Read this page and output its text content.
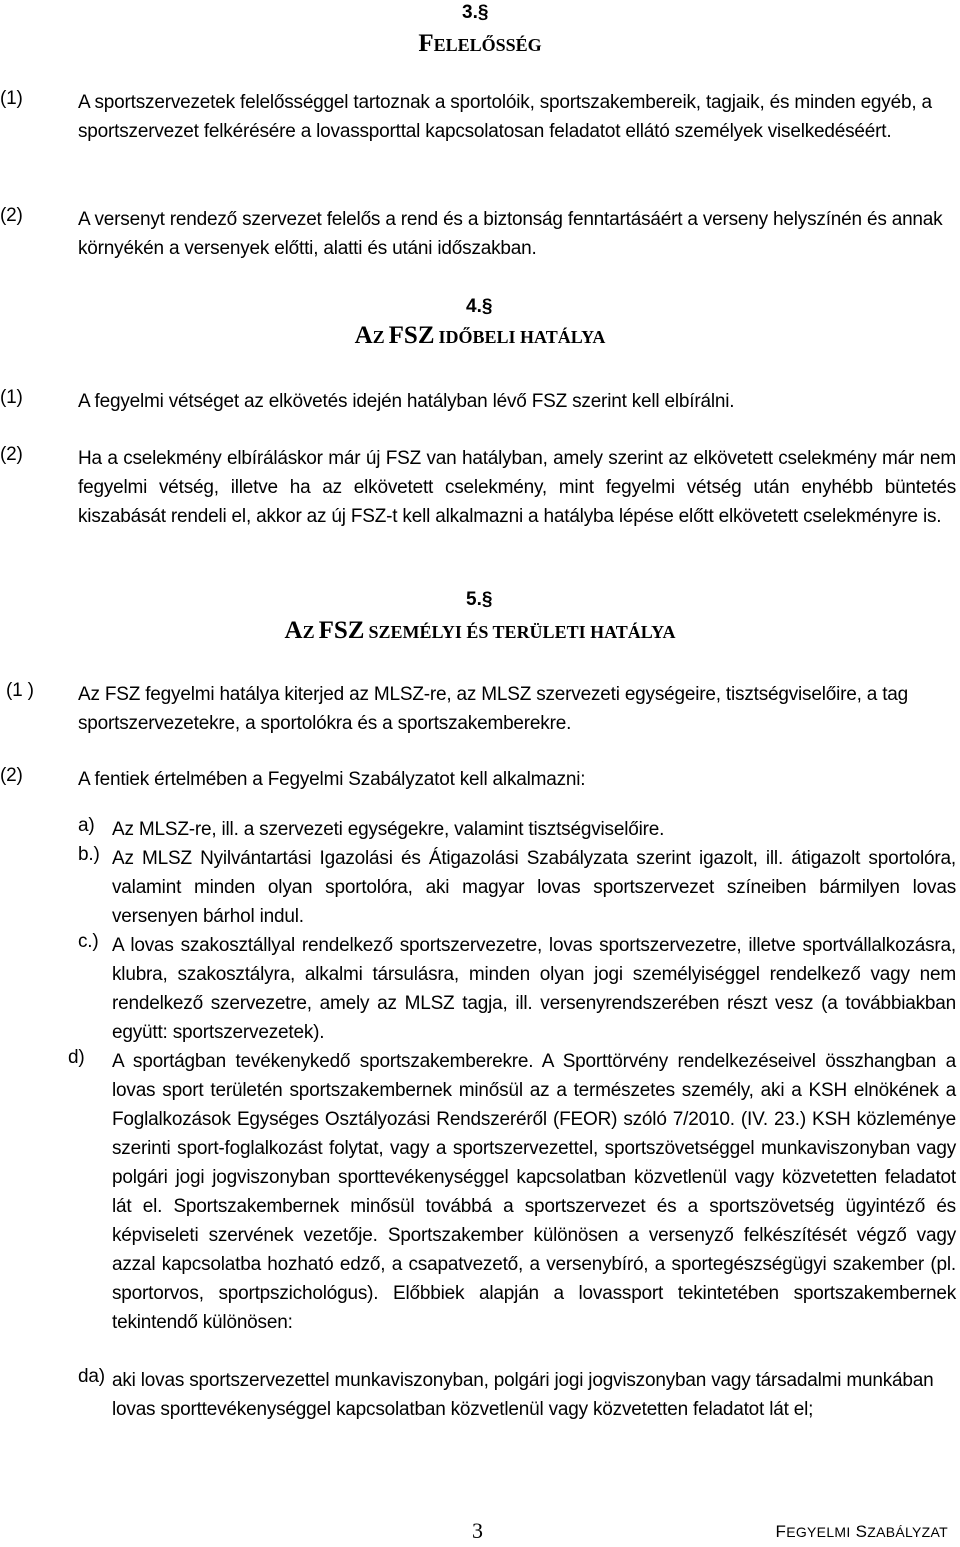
3.§
FELELŐSSÉG
(1)	A sportszervezetek felelősséggel tartoznak a sportolóik, sportszakembereik, tagjaik, és minden egyéb, a sportszervezet felkérésére a lovassporttal kapcsolatosan feladatot ellátó személyek viselkedéséért.
(2)	A versenyt rendező szervezet felelős a rend és a biztonság fenntartásáért a verseny helyszínén és annak környékén a versenyek előtti, alatti és utáni időszakban.
4.§
AZ FSZ IDŐBELI HATÁLYA
(1)	A fegyelmi vétséget az elkövetés idején hatályban lévő FSZ szerint kell elbírálni.
(2)	Ha a cselekmény elbíráláskor már új FSZ van hatályban, amely szerint az elkövetett cselekmény már nem fegyelmi vétség, illetve ha az elkövetett cselekmény, mint fegyelmi vétség után enyhébb büntetés kiszabását rendeli el, akkor az új FSZ-t kell alkalmazni a hatályba lépése előtt elkövetett cselekményre is.
5.§
AZ FSZ SZEMÉLYI ÉS TERÜLETI HATÁLYA
(1 ) Az FSZ fegyelmi hatálya kiterjed az MLSZ-re, az MLSZ szervezeti egységeire, tisztségviselőire, a tag sportszervezetekre, a sportolókra és a sportszakemberekre.
(2)	A fentiek értelmében a Fegyelmi Szabályzatot kell alkalmazni:
a) Az MLSZ-re, ill. a szervezeti egységekre, valamint tisztségviselőire.
b.) Az MLSZ Nyilvántartási Igazolási és Átigazolási Szabályzata szerint igazolt, ill. átigazolt sportolóra, valamint minden olyan sportolóra, aki magyar lovas sportszervezet színeiben bármilyen lovas versenyen bárhol indul.
c.) A lovas szakosztállyal rendelkező sportszervezetre, lovas sportszervezetre, illetve sportvállalkozásra, klubra, szakosztályra, alkalmi társulásra, minden olyan jogi személyiséggel rendelkező vagy nem rendelkező szervezetre, amely az MLSZ tagja, ill. versenyrendszerében részt vesz (a továbbiakban együtt: sportszervezetek).
d) A sportágban tevékenykedő sportszakemberekre. A Sporttörvény rendelkezéseivel összhangban a lovas sport területén sportszakembernek minősül az a természetes személy, aki a KSH elnökének a Foglalkozások Egységes Osztályozási Rendszeréről (FEOR) szóló 7/2010. (IV. 23.) KSH közleménye szerinti sport-foglalkozást folytat, vagy a sportszervezettel, sportszövetséggel munkaviszonyban vagy polgári jogi jogviszonyban sporttevékenységgel kapcsolatban közvetlenül vagy közvetetten feladatot lát el. Sportszakembernek minősül továbbá a sportszervezet és a sportszövetség ügyintéző és képviseleti szervének vezetője. Sportszakember különösen a versenyző felkészítését végző vagy azzal kapcsolatba hozható edző, a csapatvezető, a versenybíró, a sportegészségügyi szakember (pl. sportorvos, sportpszichológus). Előbbiek alapján a lovassport tekintetében sportszakembernek tekintendő különösen:
da) aki lovas sportszervezettel munkaviszonyban, polgári jogi jogviszonyban vagy társadalmi munkában lovas sporttevékenységgel kapcsolatban közvetlenül vagy közvetetten feladatot lát el;
3	FEGYELMI SZABÁLYZAT
